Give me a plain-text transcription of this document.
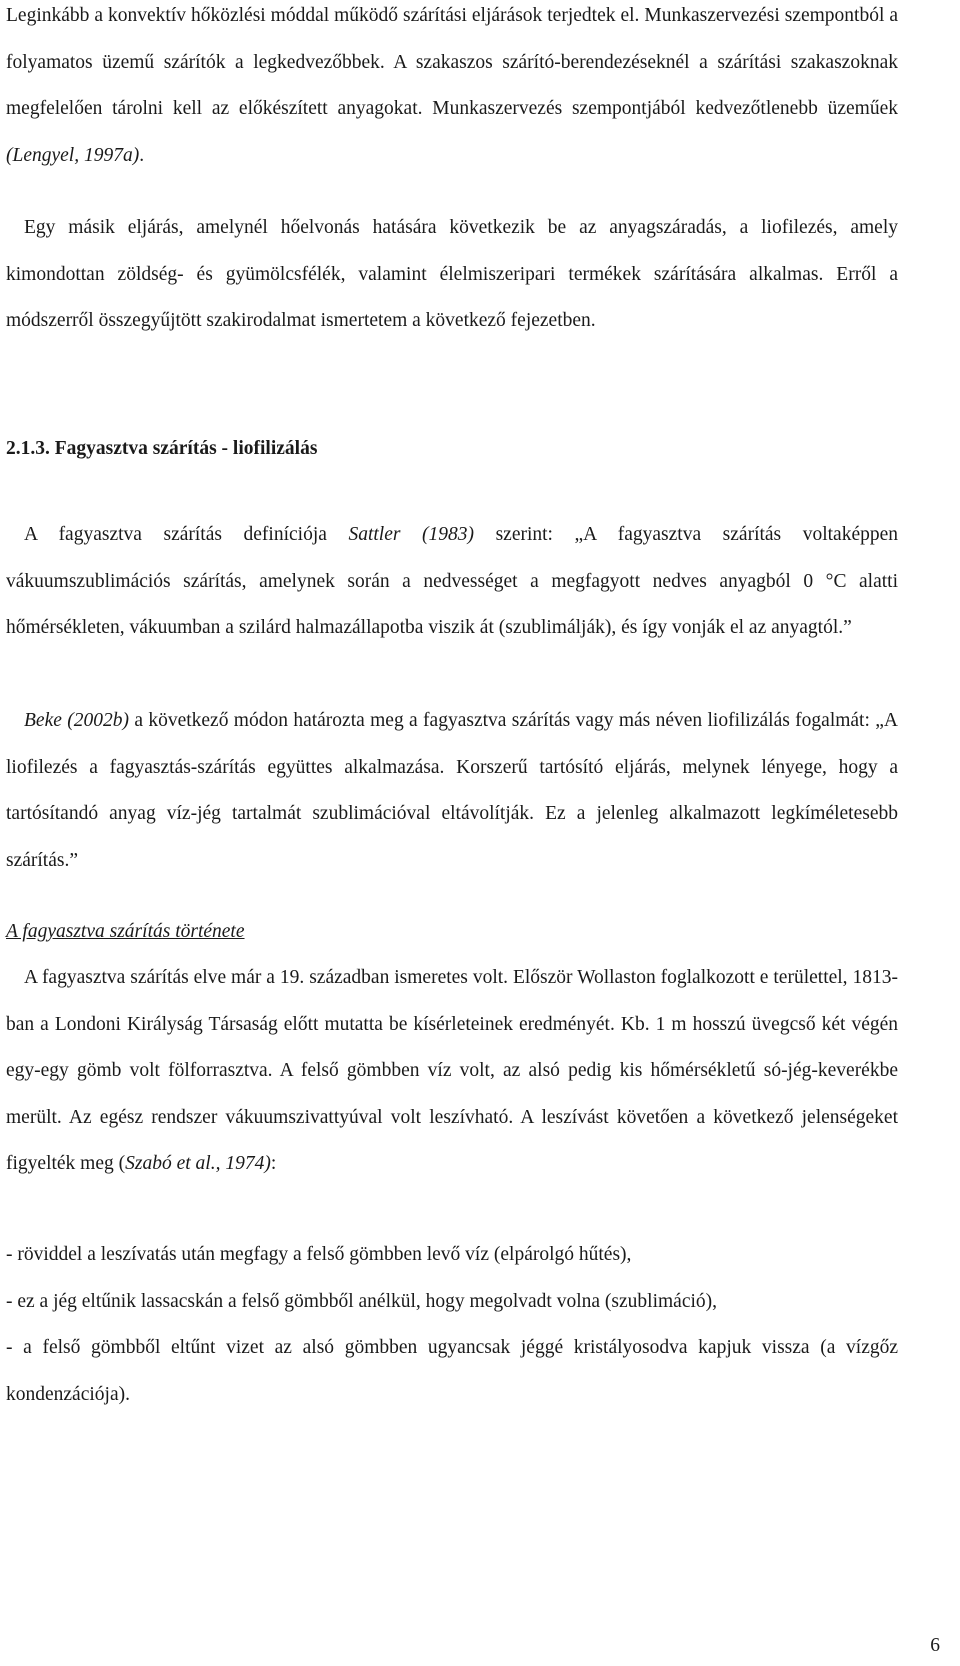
Leginkább a konvektív hőközlési móddal működő szárítási eljárások terjedtek el. Munkaszervezési szempontból a folyamatos üzemű szárítók a legkedvezőbbek. A szakaszos szárító-berendezéseknél a szárítási szakaszoknak megfelelően tárolni kell az előkészített anyagokat. Munkaszervezés szempontjából kedvezőtlenebb üzeműek (Lengyel, 1997a).

Egy másik eljárás, amelynél hőelvonás hatására következik be az anyagszáradás, a liofilezés, amely kimondottan zöldség- és gyümölcsfélék, valamint élelmiszeripari termékek szárítására alkalmas. Erről a módszerről összegyűjtött szakirodalmat ismertetem a következő fejezetben.

2.1.3. Fagyasztva szárítás - liofilizálás

A fagyasztva szárítás definíciója Sattler (1983) szerint: „A fagyasztva szárítás voltaképpen vákuumszublimációs szárítás, amelynek során a nedvességet a megfagyott nedves anyagból 0 °C alatti hőmérsékleten, vákuumban a szilárd halmazállapotba viszik át (szublimálják), és így vonják el az anyagtól.”

Beke (2002b) a következő módon határozta meg a fagyasztva szárítás vagy más néven liofilizálás fogalmát: „A liofilezés a fagyasztás-szárítás együttes alkalmazása. Korszerű tartósító eljárás, melynek lényege, hogy a tartósítandó anyag víz-jég tartalmát szublimációval eltávolítják. Ez a jelenleg alkalmazott legkíméletesebb szárítás.”

A fagyasztva szárítás története

A fagyasztva szárítás elve már a 19. században ismeretes volt. Először Wollaston foglalkozott e területtel, 1813-ban a Londoni Királyság Társaság előtt mutatta be kísérleteinek eredményét. Kb. 1 m hosszú üvegcső két végén egy-egy gömb volt fölforrasztva. A felső gömbben víz volt, az alsó pedig kis hőmérsékletű só-jég-keverékbe merült. Az egész rendszer vákuumszivattyúval volt leszívható. A leszívást követően a következő jelenségeket figyelték meg (Szabó et al., 1974):

- röviddel a leszívatás után megfagy a felső gömbben levő víz (elpárolgó hűtés),

- ez a jég eltűnik lassacskán a felső gömbből anélkül, hogy megolvadt volna (szublimáció),

- a felső gömbből eltűnt vizet az alsó gömbben ugyancsak jéggé kristályosodva kapjuk vissza (a vízgőz kondenzációja).

6
